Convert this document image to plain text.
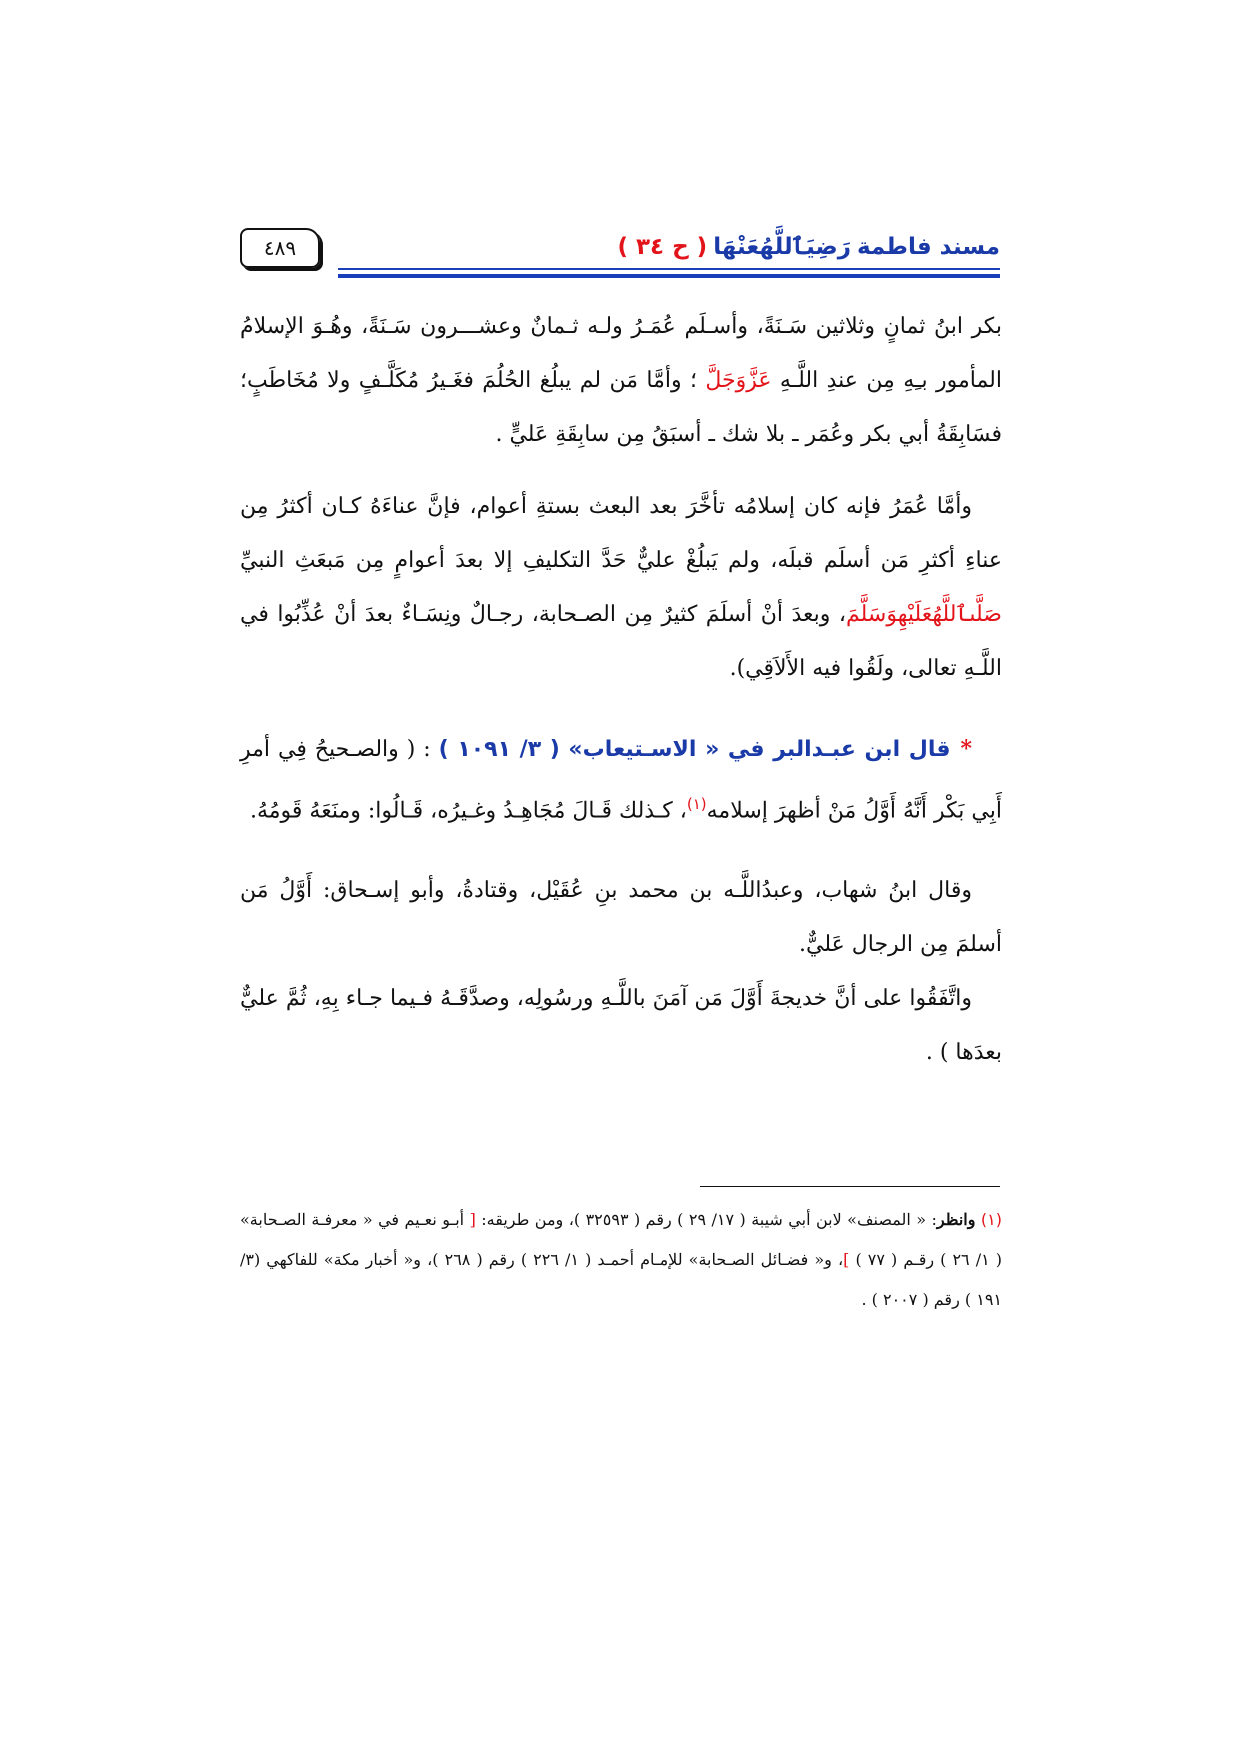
مسند فاطمة
رَضِيَٱللَّهُعَنْهَا
( ح ٣٤ )
٤٨٩

بكر ابنُ ثمانٍ وثلاثين سَـنَةً، وأسـلَم عُمَـرُ ولـه ثـمانٌ وعشـــرون سَـنَةً، وهُـوَ الإسلامُ المأمور بـِهِ مِن عندِ اللَّـهِ عَزَّوَجَلَّ ؛ وأمَّا مَن لم يبلُغ الحُلُمَ فغَـيرُ مُكَلَّـفٍ ولا مُخَاطَبٍ؛ فسَابِقَةُ أبي بكر وعُمَر ـ بلا شك ـ أسبَقُ مِن سابِقَةِ عَليٍّ .

وأمَّا عُمَرُ فإنه كان إسلامُه تأخَّرَ بعد البعث بستةِ أعوام، فإنَّ عناءَهُ كـان أكثرُ مِن عناءِ أكثرِ مَن أسلَم قبلَه، ولم يَبلُغْ عليٌّ حَدَّ التكليفِ إلا بعدَ أعوامٍ مِن مَبعَثِ النبيِّ صَلَّىٱللَّهُعَلَيْهِوَسَلَّمَ، وبعدَ أنْ أسلَمَ كثيرٌ مِن الصـحابة، رجـالٌ ونِسَـاءٌ بعدَ أنْ عُذِّبُوا في اللَّـهِ تعالى، ولَقُوا فيه الأَلاَقِي).

*قال ابن عبـدالبر في « الاسـتيعاب» ( ٣/ ١٠٩١ ) : ( والصـحيحُ فِي أمرِ أَبِي بَكْر أَنَّهُ أَوَّلُ مَنْ أظهرَ إسلامه$^{(١)}$، كـذلك قَـالَ مُجَاهِـدُ وغـيرُه، قَـالُوا: ومنَعَهُ قَومُهُ.

وقال ابنُ شهاب، وعبدُاللَّـه بن محمد بنِ عُقَيْل، وقتادةُ، وأبو إسـحاق: أَوَّلُ مَن أسلمَ مِن الرجال عَليٌّ.

واتَّفَقُوا على أنَّ خديجةَ أَوَّلَ مَن آمَنَ باللَّـهِ ورسُولِه، وصدَّقَـهُ فـيما جـاء بِهِ، ثُمَّ عليٌّ بعدَها ) .

(١) وانظر: « المصنف» لابن أبي شيبة ( ١٧/ ٢٩ ) رقم ( ٣٢٥٩٣ )، ومن طريقه: [ أبـو نعـيم في « معرفـة الصـحابة» ( ١/ ٢٦ ) رقـم ( ٧٧ ) ]، و« فضـائل الصـحابة» للإمـام أحمـد ( ١/ ٢٢٦ ) رقم ( ٢٦٨ )، و« أخبار مكة» للفاكهي (٣/ ١٩١ ) رقم ( ٢٠٠٧ ) .
